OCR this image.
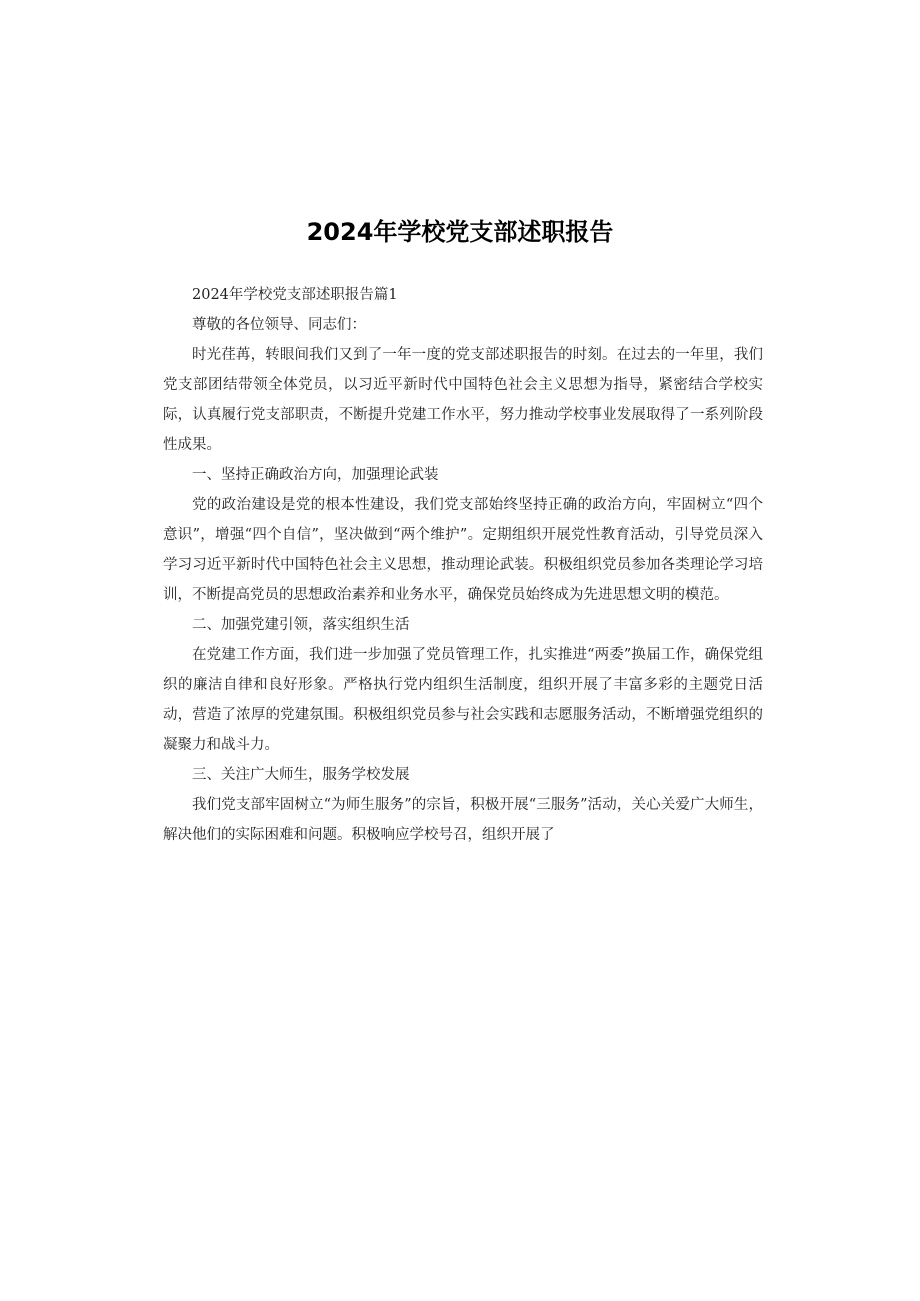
2024年学校党支部述职报告

2024年学校党支部述职报告篇1

尊敬的各位领导、同志们：

时光荏苒，转眼间我们又到了一年一度的党支部述职报告的时刻。在过去的一年里，我们党支部团结带领全体党员，以习近平新时代中国特色社会主义思想为指导，紧密结合学校实际，认真履行党支部职责，不断提升党建工作水平，努力推动学校事业发展取得了一系列阶段性成果。

一、坚持正确政治方向，加强理论武装

党的政治建设是党的根本性建设，我们党支部始终坚持正确的政治方向，牢固树立“四个意识”，增强“四个自信”，坚决做到“两个维护”。定期组织开展党性教育活动，引导党员深入学习习近平新时代中国特色社会主义思想，推动理论武装。积极组织党员参加各类理论学习培训，不断提高党员的思想政治素养和业务水平，确保党员始终成为先进思想文明的模范。

二、加强党建引领，落实组织生活

在党建工作方面，我们进一步加强了党员管理工作，扎实推进“两委”换届工作，确保党组织的廉洁自律和良好形象。严格执行党内组织生活制度，组织开展了丰富多彩的主题党日活动，营造了浓厚的党建氛围。积极组织党员参与社会实践和志愿服务活动，不断增强党组织的凝聚力和战斗力。

三、关注广大师生，服务学校发展

我们党支部牢固树立“为师生服务”的宗旨，积极开展“三服务”活动，关心关爱广大师生，解决他们的实际困难和问题。积极响应学校号召，组织开展了
